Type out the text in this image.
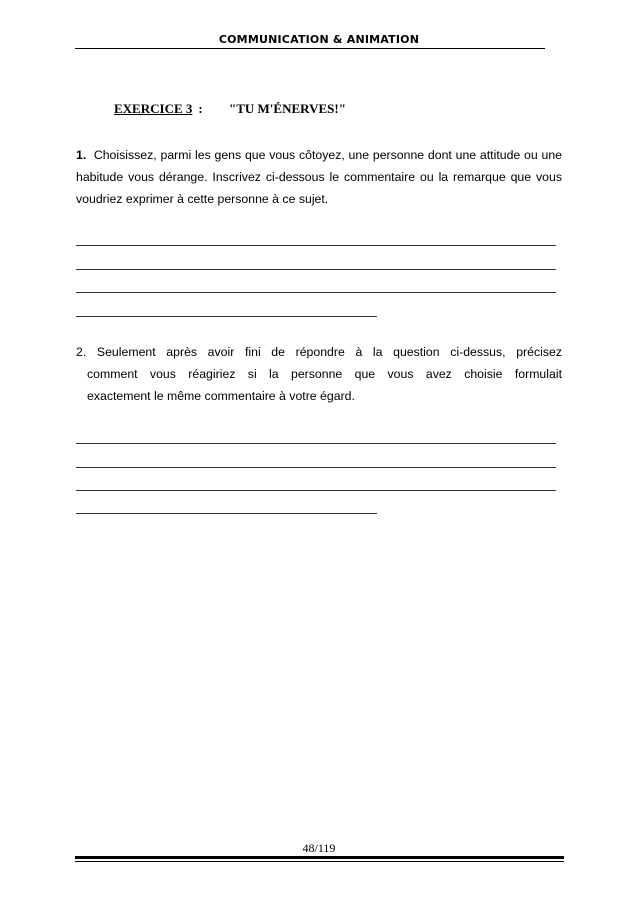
COMMUNICATION & ANIMATION
EXERCICE 3 : "TU M'ÉNERVES!"
1. Choisissez, parmi les gens que vous côtoyez, une personne dont une attitude ou une habitude vous dérange. Inscrivez ci-dessous le commentaire ou la remarque que vous voudriez exprimer à cette personne à ce sujet.
2. Seulement après avoir fini de répondre à la question ci-dessus, précisez
comment vous réagiriez si la personne que vous avez choisie formulait
exactement le même commentaire à votre égard.
48/119
